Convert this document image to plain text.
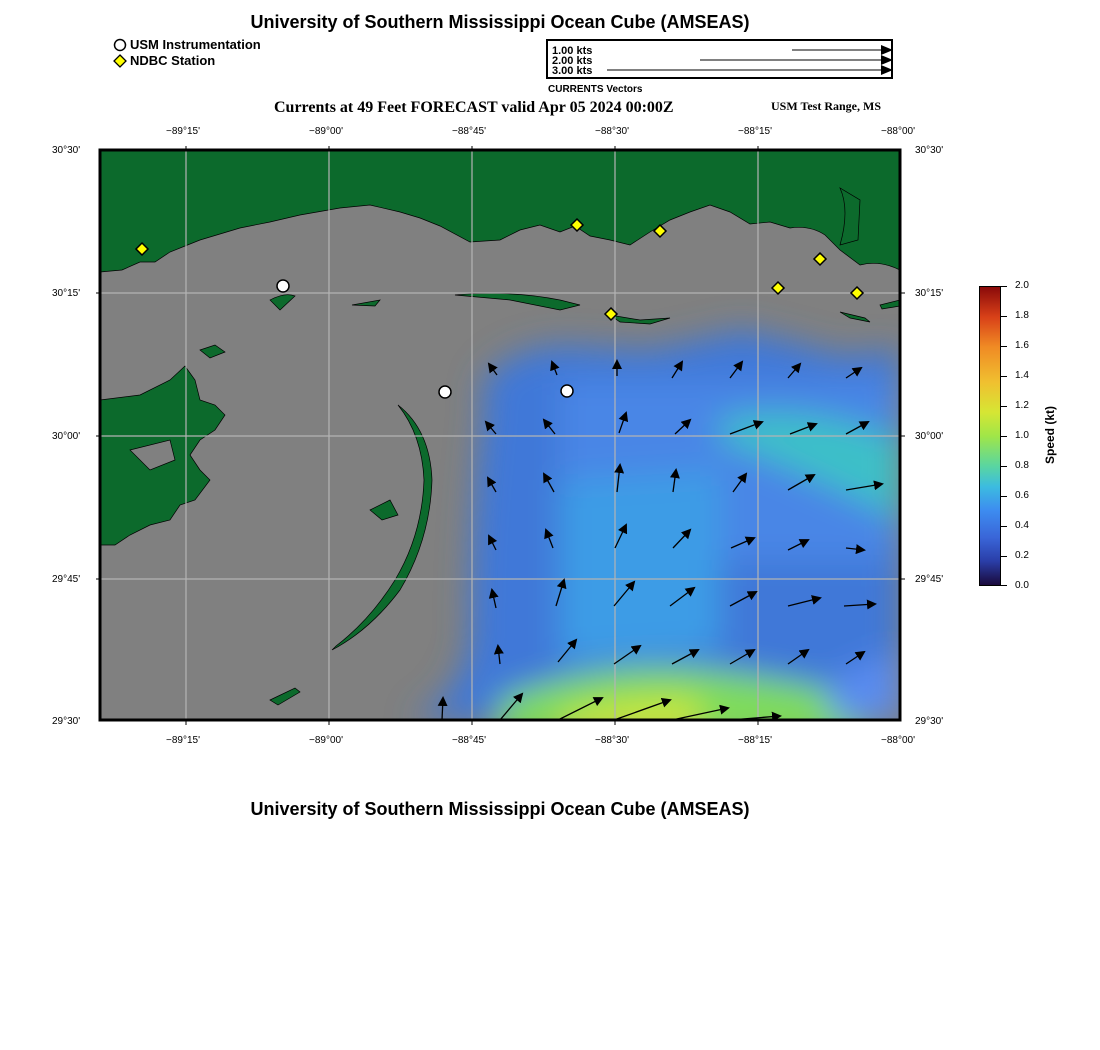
University of Southern Mississippi Ocean Cube (AMSEAS)
USM Instrumentation
NDBC Station
1.00 kts
2.00 kts
3.00 kts
CURRENTS Vectors
Currents at 49 Feet FORECAST valid Apr 05 2024 00:00Z	USM Test Range, MS
−89°15'	−89°00'	−88°45'	−88°30'	−88°15'	−88°00'
−89°15'	−89°00'	−88°45'	−88°30'	−88°15'	−88°00'
30°30'
30°15'
30°00'
29°45'
29°30'
30°30'
30°15'
30°00'
29°45'
29°30'
2.0
1.8
1.6
1.4
1.2
1.0
0.8
0.6
0.4
0.2
0.0
Speed (kt)
University of Southern Mississippi Ocean Cube (AMSEAS)
